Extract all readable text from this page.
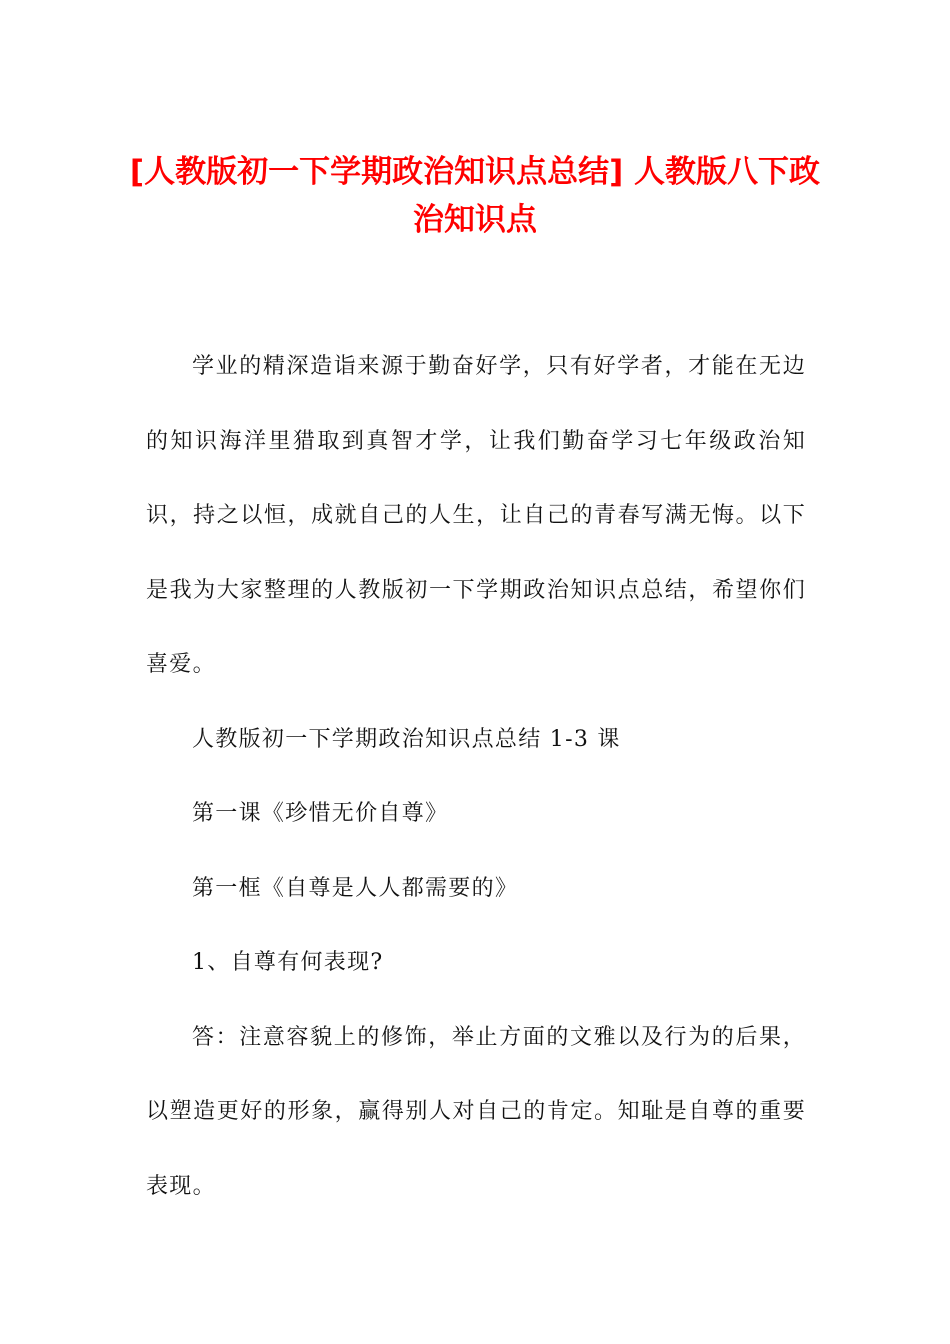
[人教版初一下学期政治知识点总结] 人教版八下政治知识点

学业的精深造诣来源于勤奋好学，只有好学者，才能在无边的知识海洋里猎取到真智才学，让我们勤奋学习七年级政治知识，持之以恒，成就自己的人生，让自己的青春写满无悔。以下是我为大家整理的人教版初一下学期政治知识点总结，希望你们喜爱。

人教版初一下学期政治知识点总结 1-3 课

第一课《珍惜无价自尊》

第一框《自尊是人人都需要的》

1、自尊有何表现?

答：注意容貌上的修饰，举止方面的文雅以及行为的后果，以塑造更好的形象，赢得别人对自己的肯定。知耻是自尊的重要表现。
